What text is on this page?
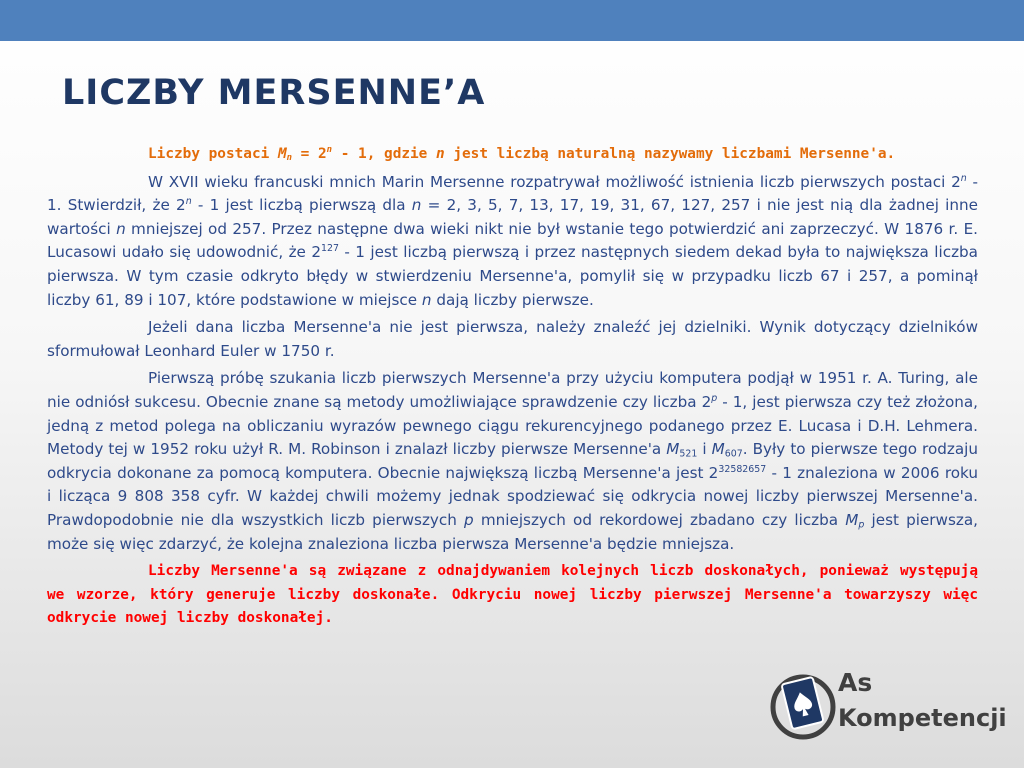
LICZBY MERSENNE’A

Liczby postaci $M_n = 2^n - 1$, gdzie n jest liczbą naturalną nazywamy liczbami Mersenne'a.

W XVII wieku francuski mnich Marin Mersenne rozpatrywał możliwość istnienia liczb pierwszych postaci 2$^n$ - 1. Stwierdził, że 2$^n$ - 1 jest liczbą pierwszą dla n = 2, 3, 5, 7, 13, 17, 19, 31, 67, 127, 257 i nie jest nią dla żadnej inne wartości n mniejszej od 257. Przez następne dwa wieki nikt nie był wstanie tego potwierdzić ani zaprzeczyć. W 1876 r. E. Lucasowi udało się udowodnić, że $2^{127} - 1$ jest liczbą pierwszą i przez następnych siedem dekad była to największa liczba pierwsza. W tym czasie odkryto błędy w stwierdzeniu Mersenne'a, pomylił się w przypadku liczb 67 i 257, a pominął liczby 61, 89 i 107, które podstawione w miejsce n dają liczby pierwsze.

Jeżeli dana liczba Mersenne'a nie jest pierwsza, należy znaleźć jej dzielniki. Wynik dotyczący dzielników sformułował Leonhard Euler w 1750 r.

Pierwszą próbę szukania liczb pierwszych Mersenne'a przy użyciu komputera podjął w 1951 r. A. Turing, ale nie odniósł sukcesu. Obecnie znane są metody umożliwiające sprawdzenie czy liczba 2$^p$ - 1, jest pierwsza czy też złożona, jedną z metod polega na obliczaniu wyrazów pewnego ciągu rekurencyjnego podanego przez E. Lucasa i D.H. Lehmera. Metody tej w 1952 roku użył R. M. Robinson i znalazł liczby pierwsze Mersenne'a $M_{521}$ i $M_{607}$. Były to pierwsze tego rodzaju odkrycia dokonane za pomocą komputera. Obecnie największą liczbą Mersenne'a jest $2^{32582657} - 1$ znaleziona w 2006 roku i licząca 9 808 358 cyfr. W każdej chwili możemy jednak spodziewać się odkrycia nowej liczby pierwszej Mersenne'a. Prawdopodobnie nie dla wszystkich liczb pierwszych p mniejszych od rekordowej zbadano czy liczba $M_p$ jest pierwsza, może się więc zdarzyć, że kolejna znaleziona liczba pierwsza Mersenne'a będzie mniejsza.

Liczby Mersenne'a są związane z odnajdywaniem kolejnych liczb doskonałych, ponieważ występują we wzorze, który generuje liczby doskonałe. Odkryciu nowej liczby pierwszej Mersenne'a towarzyszy więc odkrycie nowej liczby doskonałej.

As
Kompetencji
